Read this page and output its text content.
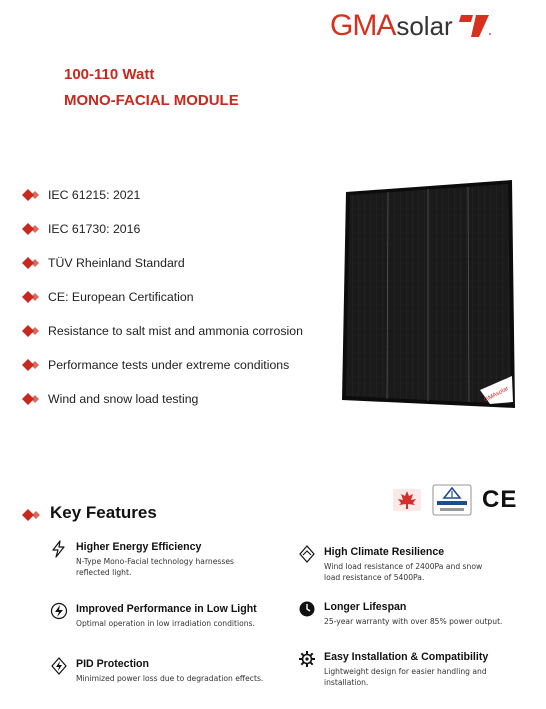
GMA solar
100-110 Watt
MONO-FACIAL MODULE
IEC 61215: 2021
IEC 61730: 2016
TÜV Rheinland Standard
CE: European Certification
Resistance to salt mist and ammonia corrosion
Performance tests under extreme conditions
Wind and snow load testing	GMAsolar
CE
Key Features
Higher Energy Efficiency
N-Type Mono-Facial technology harnesses reflected light.
High Climate Resilience
Wind load resistance of 2400Pa and snow load resistance of 5400Pa.
Improved Performance in Low Light
Optimal operation in low irradiation conditions.
Longer Lifespan
25-year warranty with over 85% power output.
PID Protection
Minimized power loss due to degradation effects.
Easy Installation & Compatibility
Lightweight design for easier handling and installation.
